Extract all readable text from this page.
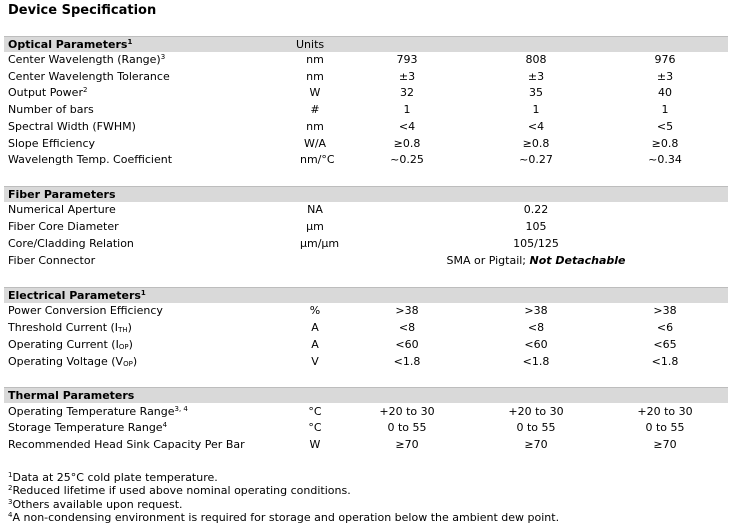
Device Specification
Optical Parameters$^1$	Units
Center Wavelength (Range)$^3$	nm	793	808	976
Center Wavelength Tolerance	nm	±3	±3	±3
Output Power$^2$	W	32	35	40
Number of bars	#	1	1	1
Spectral Width (FWHM)	nm	<4	<4	<5
Slope Efficiency	W/A	≥0.8	≥0.8	≥0.8
Wavelength Temp. Coefficient	nm/°C	~0.25	~0.27	~0.34
Fiber Parameters
Numerical Aperture	NA	0.22
Fiber Core Diameter	μm	105
Core/Cladding Relation	μm/μm	105/125
Fiber Connector	SMA or Pigtail; Not Detachable
Electrical Parameters$^1$
Power Conversion Efficiency	%	>38	>38	>38
Threshold Current $(I_{TH})$	A	<8	<8	<6
Operating Current $(I_{OP})$	A	<60	<60	<65
Operating Voltage $(V_{OP})$	V	<1.8	<1.8	<1.8
Thermal Parameters
Operating Temperature Range$^{3, 4}$	°C	+20 to 30	+20 to 30	+20 to 30
Storage Temperature Range$^4$	°C	0 to 55	0 to 55	0 to 55
Recommended Head Sink Capacity Per Bar	W	≥70	≥70	≥70
$^1$Data at 25°C cold plate temperature.
$^2$Reduced lifetime if used above nominal operating conditions.
$^3$Others available upon request.
$^4$A non-condensing environment is required for storage and operation below the ambient dew point.
